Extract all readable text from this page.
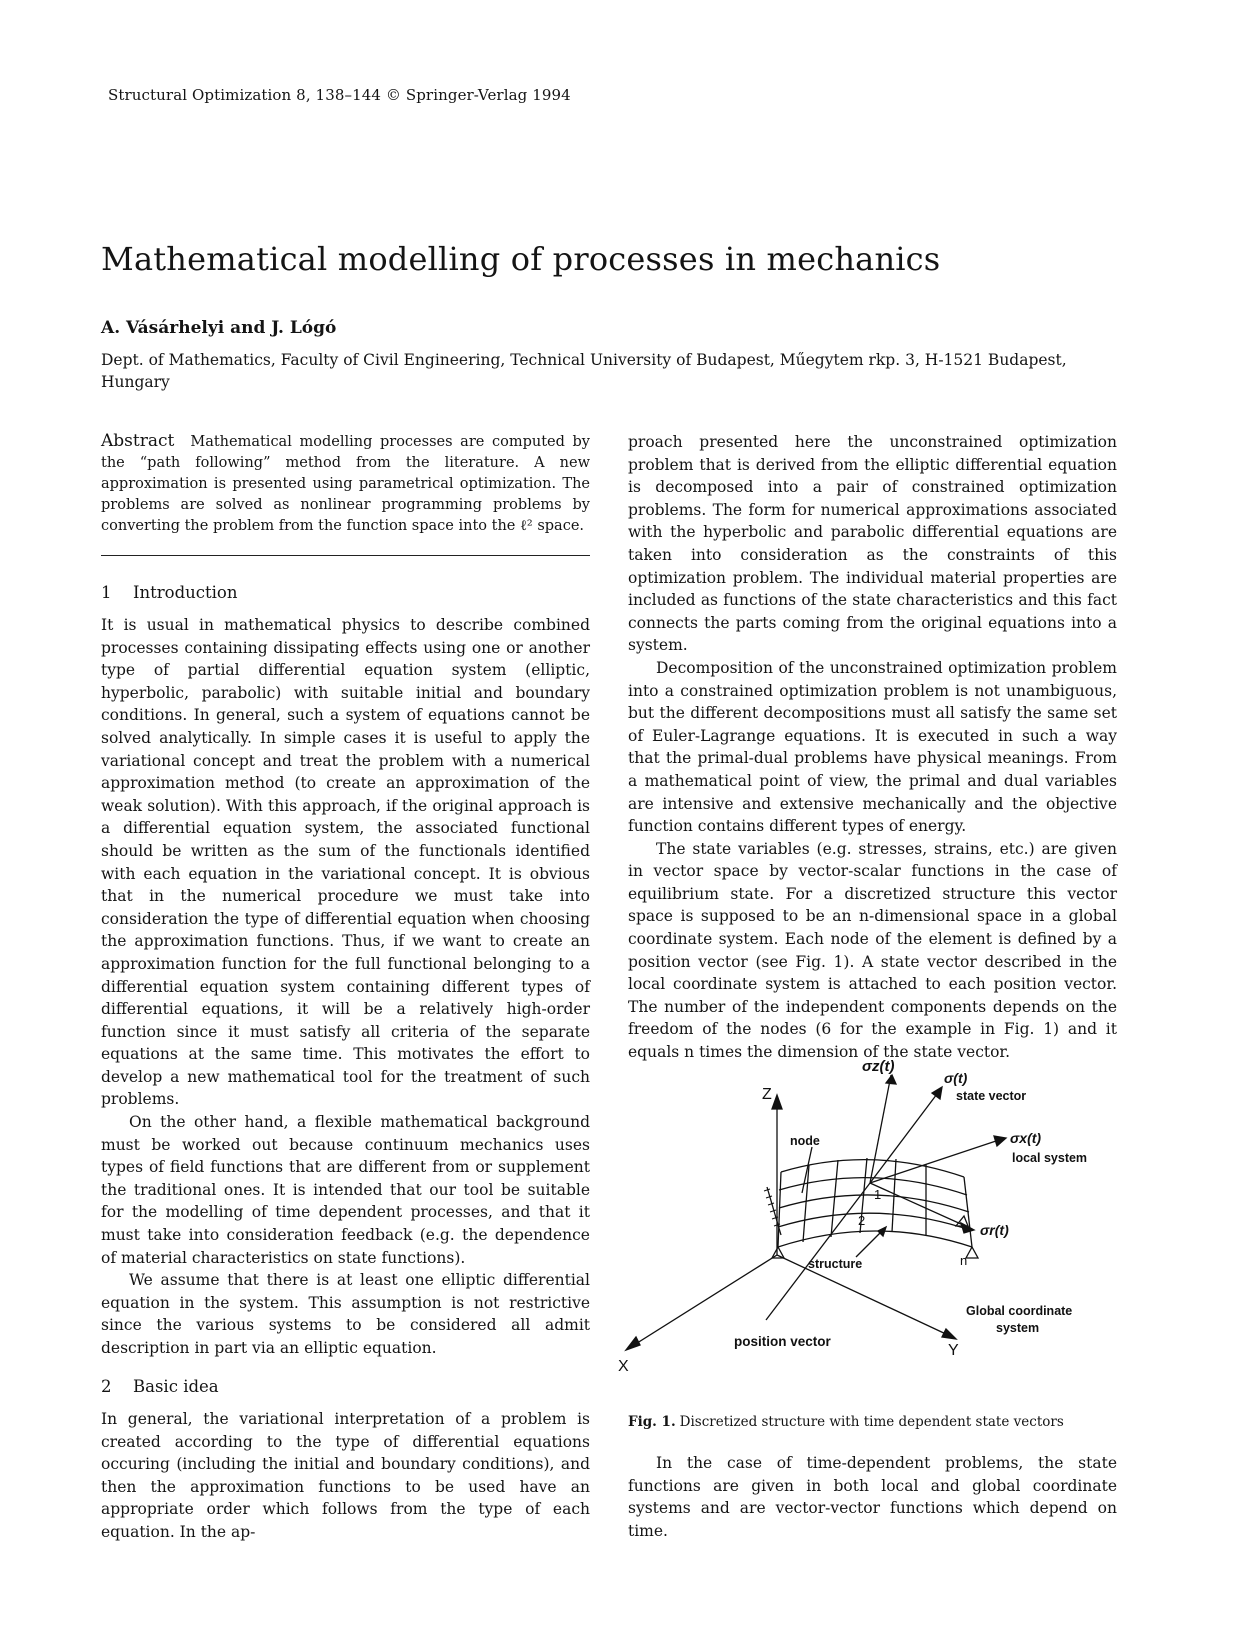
Structural Optimization 8, 138–144 © Springer-Verlag 1994
Mathematical modelling of processes in mechanics
A. Vásárhelyi and J. Lógó
Dept. of Mathematics, Faculty of Civil Engineering, Technical University of Budapest, Műegytem rkp. 3, H-1521 Budapest, Hungary
Abstract Mathematical modelling processes are computed by the “path following” method from the literature. A new approximation is presented using parametrical optimization. The problems are solved as nonlinear programming problems by converting the problem from the function space into the ℓ² space.
1 Introduction

It is usual in mathematical physics to describe combined processes containing dissipating effects using one or another type of partial differential equation system (elliptic, hyperbolic, parabolic) with suitable initial and boundary conditions. In general, such a system of equations cannot be solved analytically. In simple cases it is useful to apply the variational concept and treat the problem with a numerical approximation method (to create an approximation of the weak solution). With this approach, if the original approach is a differential equation system, the associated functional should be written as the sum of the functionals identified with each equation in the variational concept. It is obvious that in the numerical procedure we must take into consideration the type of differential equation when choosing the approximation functions. Thus, if we want to create an approximation function for the full functional belonging to a differential equation system containing different types of differential equations, it will be a relatively high-order function since it must satisfy all criteria of the separate equations at the same time. This motivates the effort to develop a new mathematical tool for the treatment of such problems.

On the other hand, a flexible mathematical background must be worked out because continuum mechanics uses types of field functions that are different from or supplement the traditional ones. It is intended that our tool be suitable for the modelling of time dependent processes, and that it must take into consideration feedback (e.g. the dependence of material characteristics on state functions).

We assume that there is at least one elliptic differential equation in the system. This assumption is not restrictive since the various systems to be considered all admit description in part via an elliptic equation.

2 Basic idea

In general, the variational interpretation of a problem is created according to the type of differential equations occuring (including the initial and boundary conditions), and then the approximation functions to be used have an appropriate order which follows from the type of each equation. In the ap-

proach presented here the unconstrained optimization problem that is derived from the elliptic differential equation is decomposed into a pair of constrained optimization problems. The form for numerical approximations associated with the hyperbolic and parabolic differential equations are taken into consideration as the constraints of this optimization problem. The individual material properties are included as functions of the state characteristics and this fact connects the parts coming from the original equations into a system.

Decomposition of the unconstrained optimization problem into a constrained optimization problem is not unambiguous, but the different decompositions must all satisfy the same set of Euler-Lagrange equations. It is executed in such a way that the primal-dual problems have physical meanings. From a mathematical point of view, the primal and dual variables are intensive and extensive mechanically and the objective function contains different types of energy.

The state variables (e.g. stresses, strains, etc.) are given in vector space by vector-scalar functions in the case of equilibrium state. For a discretized structure this vector space is supposed to be an n-dimensional space in a global coordinate system. Each node of the element is defined by a position vector (see Fig. 1). A state vector described in the local coordinate system is attached to each position vector. The number of the independent components depends on the freedom of the nodes (6 for the example in Fig. 1) and it equals n times the dimension of the state vector.

Z
X
Y
σz(t)
σ(t)
state vector
σx(t)
local system
node
1
2
n
σr(t)
structure
Global coordinate
system
position vector
Fig. 1. Discretized structure with time dependent state vectors

In the case of time-dependent problems, the state functions are given in both local and global coordinate systems and are vector-vector functions which depend on time.
